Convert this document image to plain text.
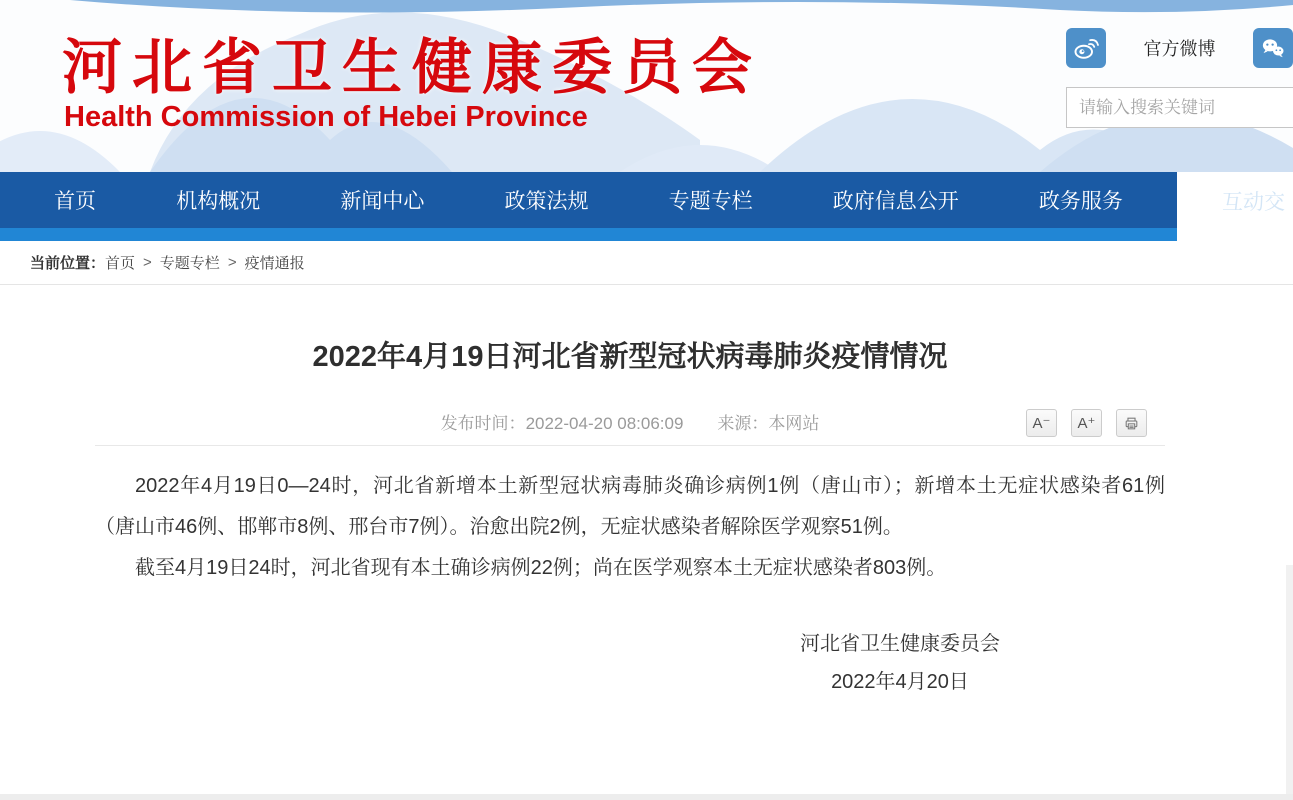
河北省卫生健康委员会
Health Commission of Hebei Province
官方微博
请输入搜索关键词
首页	机构概况	新闻中心	政策法规	专题专栏	政府信息公开	政务服务	互动交
当前位置： 首页 > 专题专栏 > 疫情通报
2022年4月19日河北省新型冠状病毒肺炎疫情情况
发布时间：2022-04-20 08:06:09 来源：本网站	A⁻	A⁺

2022年4月19日0—24时，河北省新增本土新型冠状病毒肺炎确诊病例1例（唐山市）；新增本土无症状感染者61例（唐山市46例、邯郸市8例、邢台市7例）。治愈出院2例，无症状感染者解除医学观察51例。

截至4月19日24时，河北省现有本土确诊病例22例；尚在医学观察本土无症状感染者803例。

河北省卫生健康委员会
2022年4月20日
